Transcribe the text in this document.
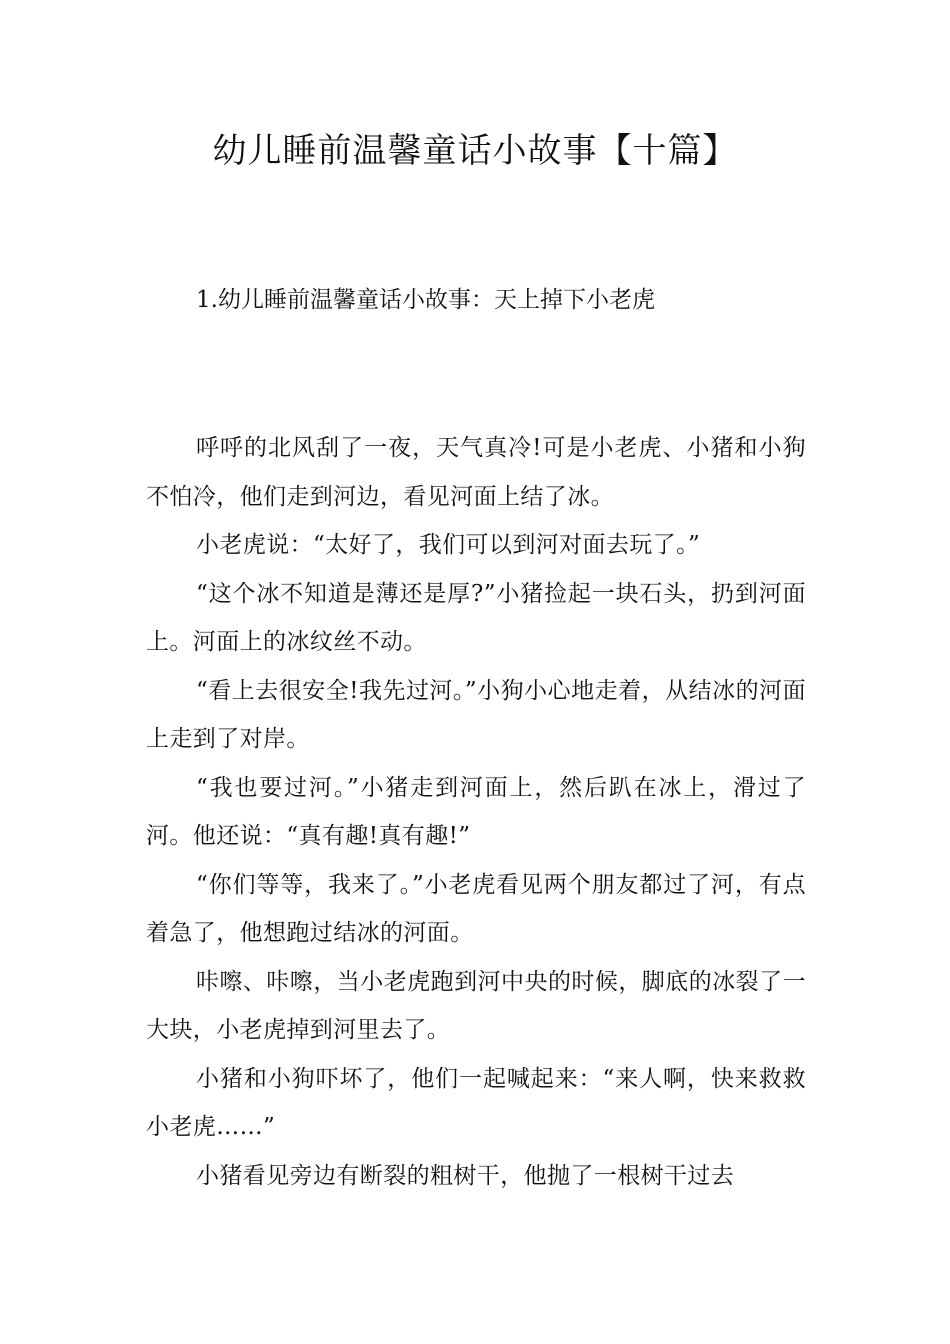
幼儿睡前温馨童话小故事【十篇】
1.幼儿睡前温馨童话小故事：天上掉下小老虎

呼呼的北风刮了一夜，天气真冷!可是小老虎、小猪和小狗不怕冷，他们走到河边，看见河面上结了冰。

小老虎说：“太好了，我们可以到河对面去玩了。”

“这个冰不知道是薄还是厚?”小猪捡起一块石头，扔到河面上。河面上的冰纹丝不动。

“看上去很安全!我先过河。”小狗小心地走着，从结冰的河面上走到了对岸。

“我也要过河。”小猪走到河面上，然后趴在冰上，滑过了河。他还说：“真有趣!真有趣!”

“你们等等，我来了。”小老虎看见两个朋友都过了河，有点着急了，他想跑过结冰的河面。

咔嚓、咔嚓，当小老虎跑到河中央的时候，脚底的冰裂了一大块，小老虎掉到河里去了。

小猪和小狗吓坏了，他们一起喊起来：“来人啊，快来救救小老虎……”

小猪看见旁边有断裂的粗树干，他抛了一根树干过去
